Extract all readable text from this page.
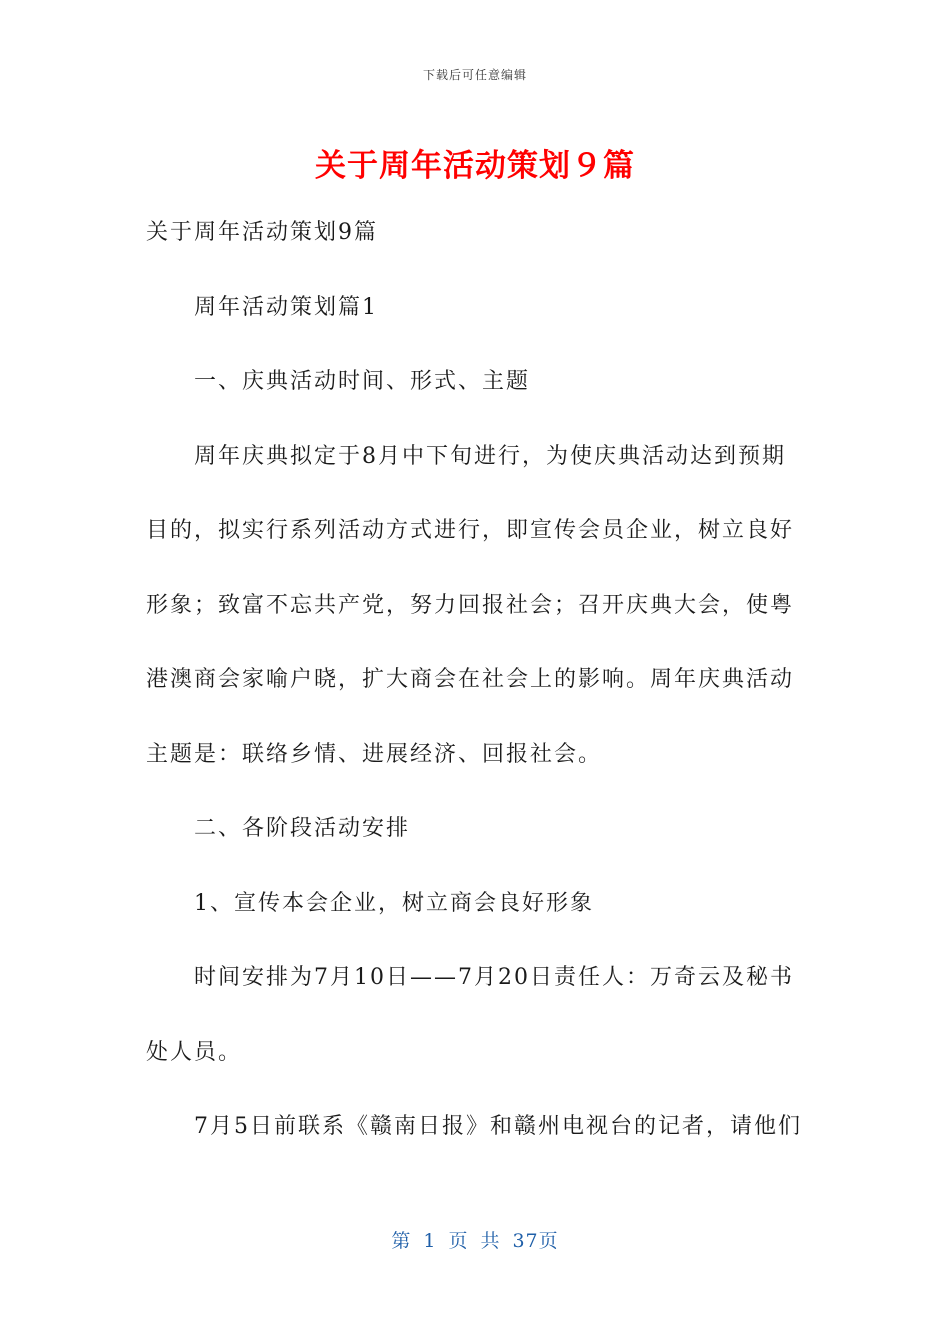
下载后可任意编辑
关于周年活动策划９篇

关于周年活动策划9篇

周年活动策划篇1

一、庆典活动时间、形式、主题

周年庆典拟定于8月中下旬进行，为使庆典活动达到预期目的，拟实行系列活动方式进行，即宣传会员企业，树立良好形象；致富不忘共产党，努力回报社会；召开庆典大会，使粤港澳商会家喻户晓，扩大商会在社会上的影响。周年庆典活动主题是：联络乡情、进展经济、回报社会。

二、各阶段活动安排

1、宣传本会企业，树立商会良好形象

时间安排为7月10日——7月20日责任人：万奇云及秘书处人员。

7月5日前联系《赣南日报》和赣州电视台的记者，请他们

第 1 页 共 37页
